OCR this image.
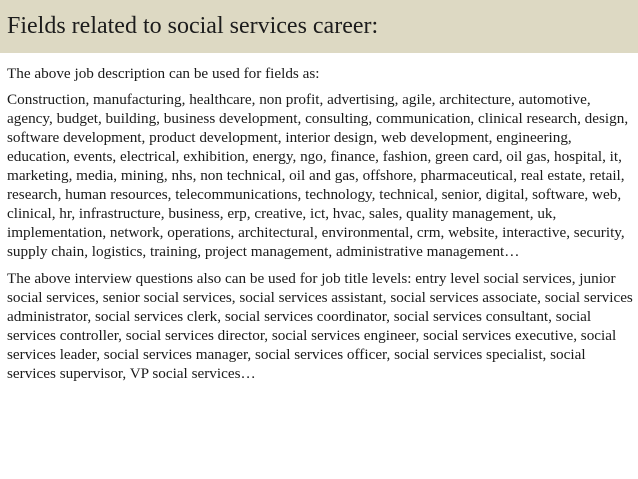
Fields related to social services career:

The above job description can be used for fields as:

Construction, manufacturing, healthcare, non profit, advertising, agile, architecture, automotive, agency, budget, building, business development, consulting, communication, clinical research, design, software development, product development, interior design, web development, engineering, education, events, electrical, exhibition, energy, ngo, finance, fashion, green card, oil gas, hospital, it, marketing, media, mining, nhs, non technical, oil and gas, offshore, pharmaceutical, real estate, retail, research, human resources, telecommunications, technology, technical, senior, digital, software, web, clinical, hr, infrastructure, business, erp, creative, ict, hvac, sales, quality management, uk, implementation, network, operations, architectural, environmental, crm, website, interactive, security, supply chain, logistics, training, project management, administrative management…

The above interview questions also can be used for job title levels: entry level social services, junior social services, senior social services, social services assistant, social services associate, social services administrator, social services clerk, social services coordinator, social services consultant, social services controller, social services director, social services engineer, social services executive, social services leader, social services manager, social services officer, social services specialist, social services supervisor, VP social services…
